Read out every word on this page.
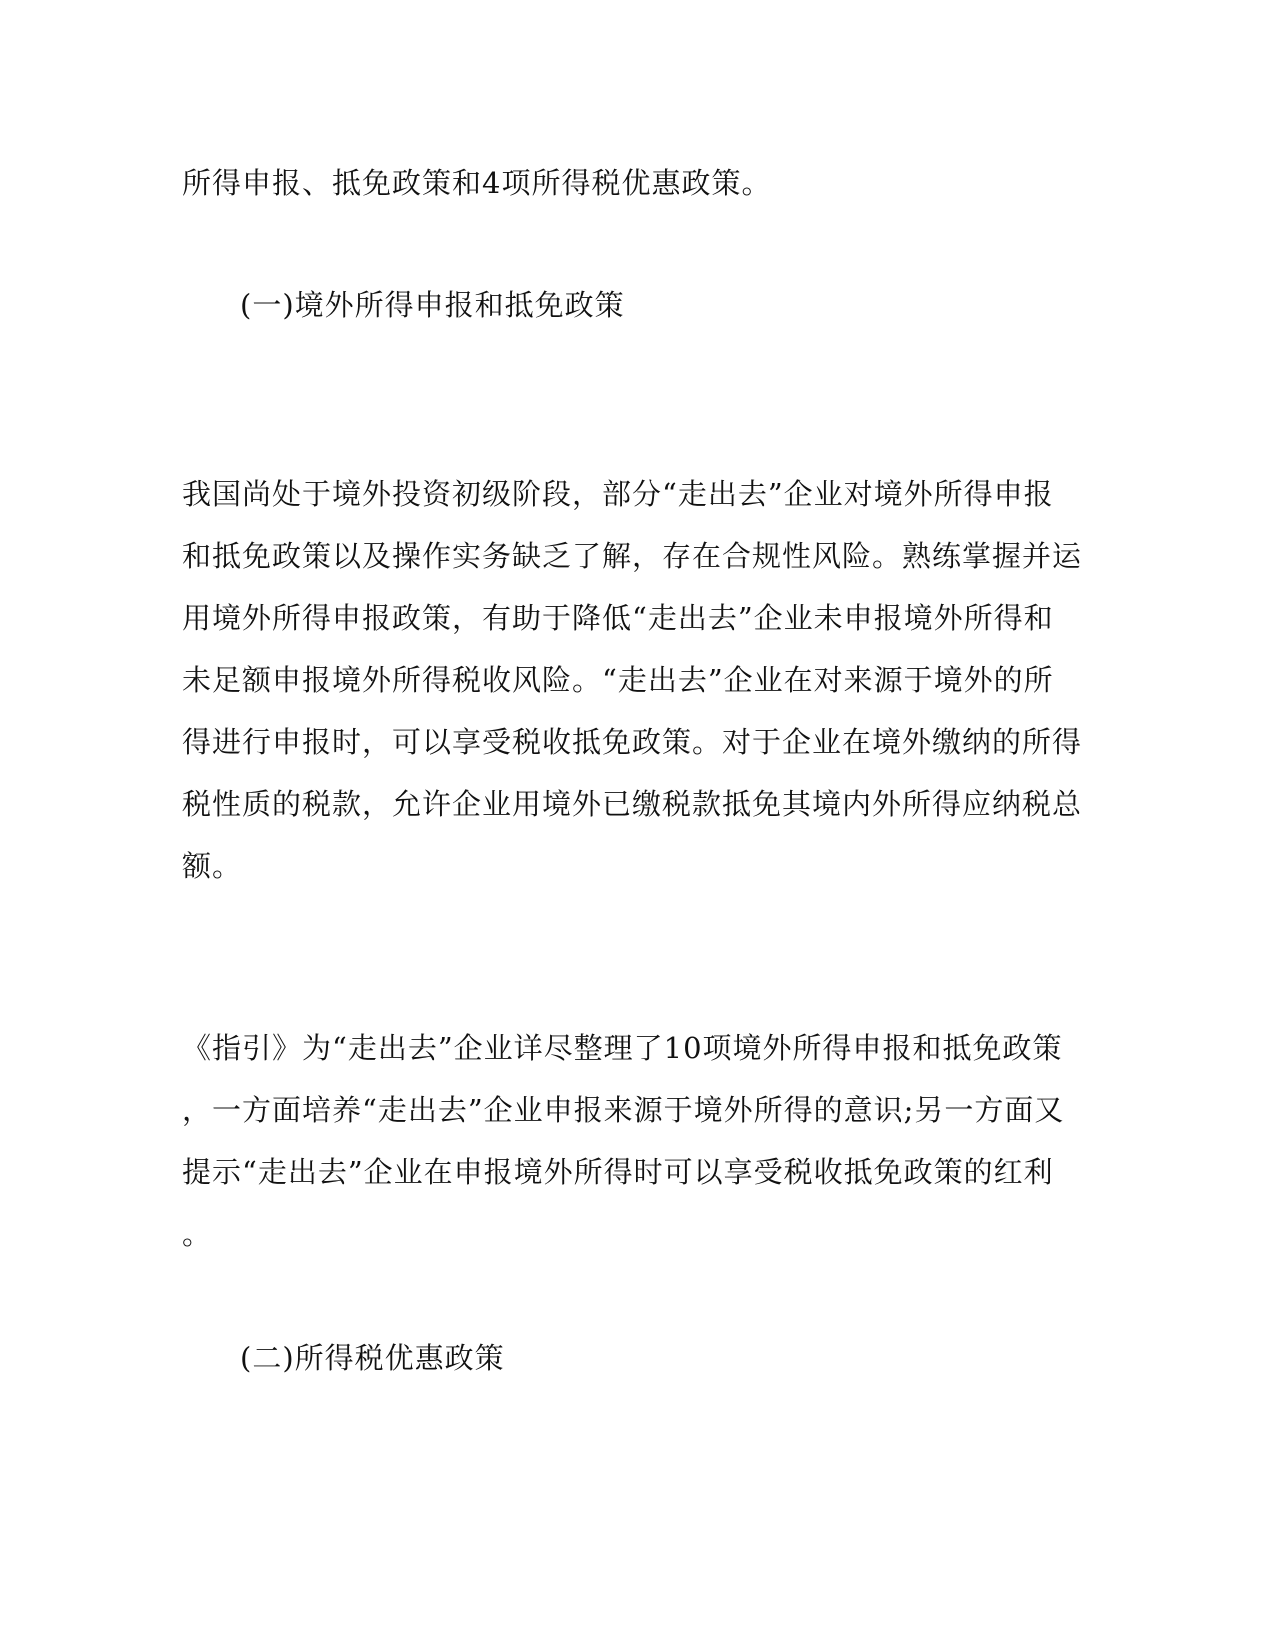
所得申报、抵免政策和4项所得税优惠政策。
(一)境外所得申报和抵免政策
我国尚处于境外投资初级阶段，部分“走出去”企业对境外所得申报
和抵免政策以及操作实务缺乏了解，存在合规性风险。熟练掌握并运
用境外所得申报政策，有助于降低“走出去”企业未申报境外所得和
未足额申报境外所得税收风险。“走出去”企业在对来源于境外的所
得进行申报时，可以享受税收抵免政策。对于企业在境外缴纳的所得
税性质的税款，允许企业用境外已缴税款抵免其境内外所得应纳税总
额。
《指引》为“走出去”企业详尽整理了10项境外所得申报和抵免政策
，一方面培养“走出去”企业申报来源于境外所得的意识;另一方面又
提示“走出去”企业在申报境外所得时可以享受税收抵免政策的红利
。
(二)所得税优惠政策
